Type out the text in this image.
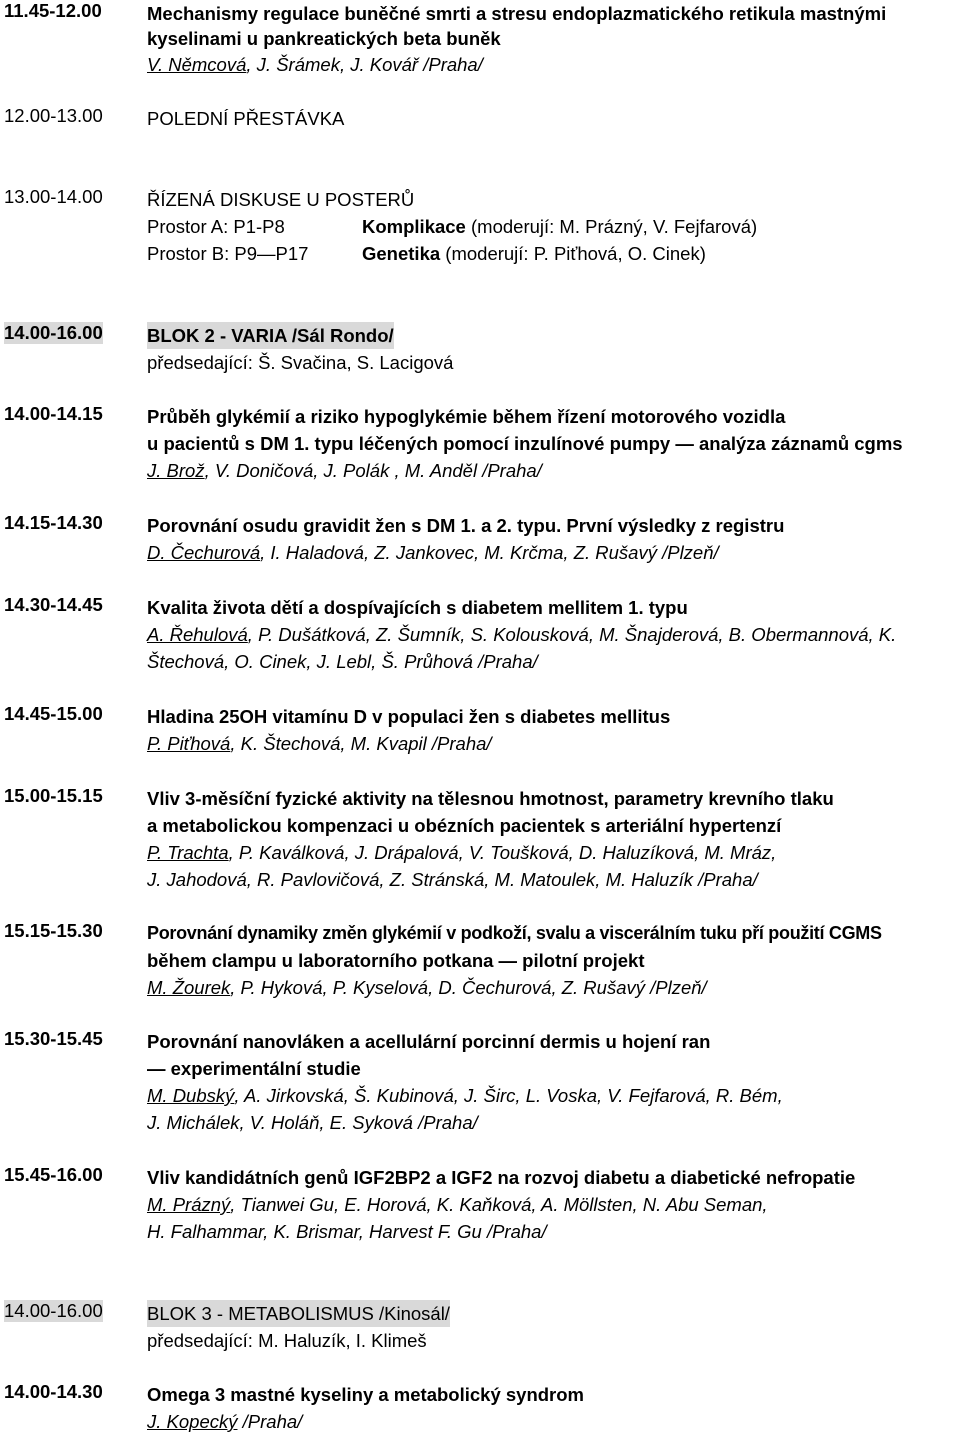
11.45-12.00 Mechanismy regulace buněčné smrti a stresu endoplazmatického retikula mastnými
kyselinami u pankreatických beta buněk
V. Němcová, J. Šrámek, J. Kovář /Praha/
12.00-13.00 POLEDNÍ PŘESTÁVKA
13.00-14.00 ŘÍZENÁ DISKUSE U POSTERŮ
Prostor A: P1-P8	Komplikace (moderují: M. Prázný, V. Fejfarová)
Prostor B: P9—P17	Genetika (moderují: P. Piťhová, O. Cinek)
14.00-16.00 BLOK 2 - VARIA /Sál Rondo/
předsedající: Š. Svačina, S. Lacigová
14.00-14.15 Průběh glykémií a riziko hypoglykémie během řízení motorového vozidla
u pacientů s DM 1. typu léčených pomocí inzulínové pumpy — analýza záznamů cgms
J. Brož, V. Doničová, J. Polák , M. Anděl /Praha/
14.15-14.30 Porovnání osudu gravidit žen s DM 1. a 2. typu. První výsledky z registru
D. Čechurová, I. Haladová, Z. Jankovec, M. Krčma, Z. Rušavý /Plzeň/
14.30-14.45 Kvalita života dětí a dospívajících s diabetem mellitem 1. typu
A. Řehulová, P. Dušátková, Z. Šumník, S. Kolousková, M. Šnajderová, B. Obermannová, K.
Štechová, O. Cinek, J. Lebl, Š. Průhová /Praha/
14.45-15.00 Hladina 25OH vitamínu D v populaci žen s diabetes mellitus
P. Piťhová, K. Štechová, M. Kvapil /Praha/
15.00-15.15 Vliv 3-měsíční fyzické aktivity na tělesnou hmotnost, parametry krevního tlaku
a metabolickou kompenzaci u obézních pacientek s arteriální hypertenzí
P. Trachta, P. Kaválková, J. Drápalová, V. Toušková, D. Haluzíková, M. Mráz,
J. Jahodová, R. Pavlovičová, Z. Stránská, M. Matoulek, M. Haluzík /Praha/
15.15-15.30 Porovnání dynamiky změn glykémií v podkoží, svalu a viscerálním tuku pří použití CGMS
během clampu u laboratorního potkana — pilotní projekt
M. Žourek, P. Hyková, P. Kyselová, D. Čechurová, Z. Rušavý /Plzeň/
15.30-15.45 Porovnání nanovláken a acellulární porcinní dermis u hojení ran
— experimentální studie
M. Dubský, A. Jirkovská, Š. Kubinová, J. Širc, L. Voska, V. Fejfarová, R. Bém,
J. Michálek, V. Holáň, E. Syková /Praha/
15.45-16.00 Vliv kandidátních genů IGF2BP2 a IGF2 na rozvoj diabetu a diabetické nefropatie
M. Prázný, Tianwei Gu, E. Horová, K. Kaňková, A. Möllsten, N. Abu Seman,
H. Falhammar, K. Brismar, Harvest F. Gu /Praha/
14.00-16.00 BLOK 3 - METABOLISMUS /Kinosál/
předsedající: M. Haluzík, I. Klimeš
14.00-14.30 Omega 3 mastné kyseliny a metabolický syndrom
J. Kopecký /Praha/
